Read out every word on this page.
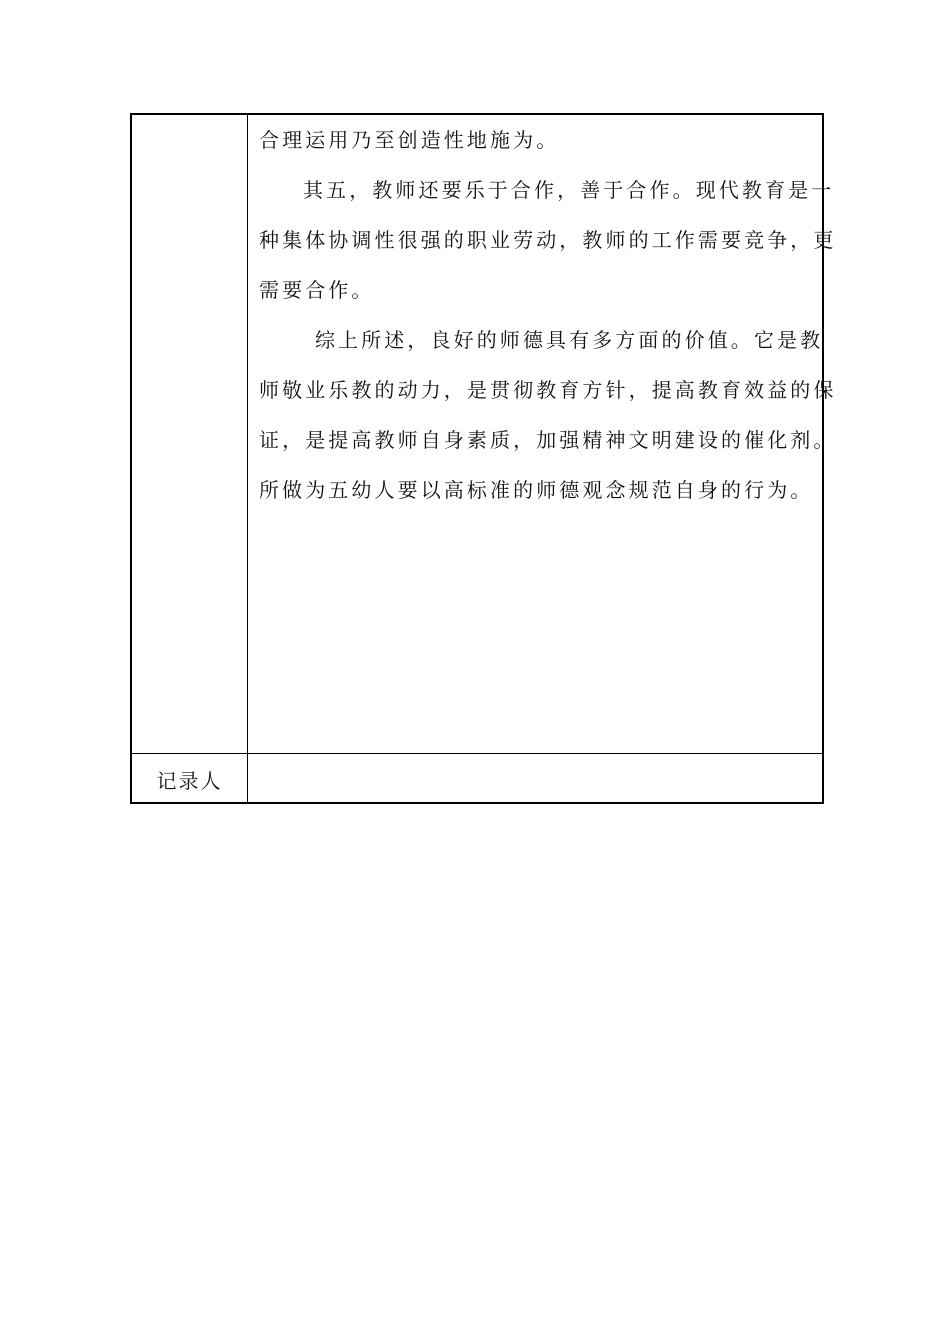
合理运用乃至创造性地施为。
其五，教师还要乐于合作，善于合作。现代教育是一
种集体协调性很强的职业劳动，教师的工作需要竞争，更
需要合作。
综上所述，良好的师德具有多方面的价值。它是教
师敬业乐教的动力，是贯彻教育方针，提高教育效益的保
证，是提高教师自身素质，加强精神文明建设的催化剂。
所做为五幼人要以高标准的师德观念规范自身的行为。
记录人
